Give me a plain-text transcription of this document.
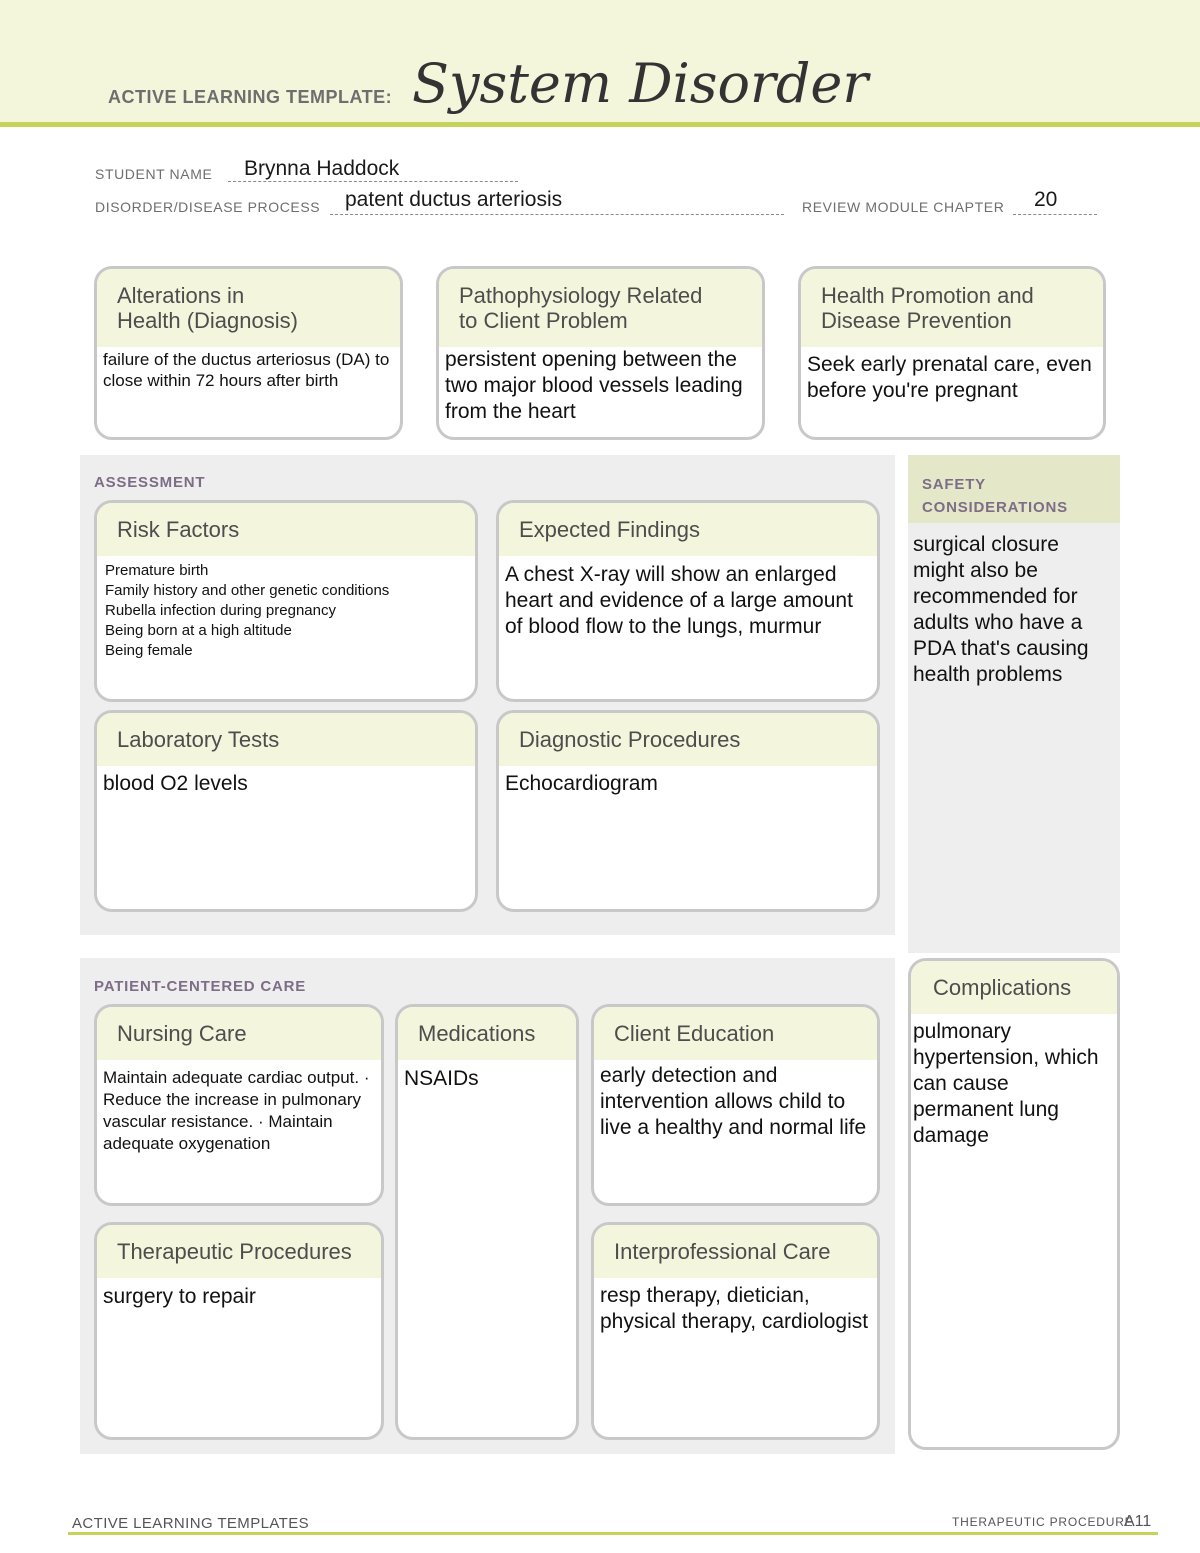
ACTIVE LEARNING TEMPLATE: System Disorder
STUDENT NAME Brynna Haddock
DISORDER/DISEASE PROCESS patent ductus arteriosis	REVIEW MODULE CHAPTER 20
Alterations in
Health (Diagnosis)
failure of the ductus arteriosus (DA) to close within 72 hours after birth
Pathophysiology Related
to Client Problem
persistent opening between the two major blood vessels leading from the heart
Health Promotion and
Disease Prevention
Seek early prenatal care, even before you're pregnant
ASSESSMENT
Risk Factors
Premature birth
Family history and other genetic conditions
Rubella infection during pregnancy
Being born at a high altitude
Being female
Expected Findings
A chest X-ray will show an enlarged heart and evidence of a large amount of blood flow to the lungs, murmur
Laboratory Tests
blood O2 levels
Diagnostic Procedures
Echocardiogram
SAFETY
CONSIDERATIONS
surgical closure might also be recommended for adults who have a PDA that's causing health problems
PATIENT-CENTERED CARE
Nursing Care
Maintain adequate cardiac output. · Reduce the increase in pulmonary vascular resistance. · Maintain adequate oxygenation
Medications
NSAIDs
Client Education
early detection and intervention allows child to live a healthy and normal life
Therapeutic Procedures
surgery to repair
Interprofessional Care
resp therapy, dietician, physical therapy, cardiologist
Complications
pulmonary hypertension, which can cause permanent lung damage
ACTIVE LEARNING TEMPLATES	THERAPEUTIC PROCEDURE
A11
